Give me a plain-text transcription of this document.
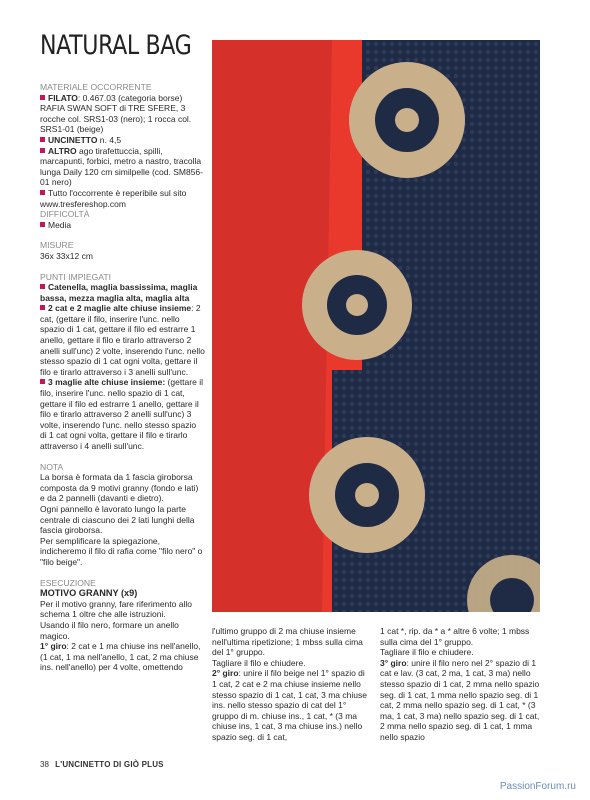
NATURAL BAG
MATERIALE OCCORRENTE

FILATO: 0.467.03 (categoria borse) RAFIA SWAN SOFT di TRE SFERE, 3 rocche col. SRS1-03 (nero); 1 rocca col. SRS1-01 (beige)

UNCINETTO n. 4,5

ALTRO ago tirafettuccia, spilli, marcapunti, forbici, metro a nastro, tracolla lunga Daily 120 cm similpelle (cod. SM856-01 nero)

Tutto l'occorrente è reperibile sul sito www.tresfereshop.com

DIFFICOLTÀ

Media

MISURE

36x 33x12 cm

PUNTI IMPIEGATI

Catenella, maglia bassissima, maglia bassa, mezza maglia alta, maglia alta

2 cat e 2 maglie alte chiuse insieme: 2 cat, (gettare il filo, inserire l'unc. nello spazio di 1 cat, gettare il filo ed estrarre 1 anello, gettare il filo e tirarlo attraverso 2 anelli sull'unc) 2 volte, inserendo l'unc. nello stesso spazio di 1 cat ogni volta, gettare il filo e tirarlo attraverso i 3 anelli sull'unc.

3 maglie alte chiuse insieme: (gettare il filo, inserire l'unc. nello spazio di 1 cat, gettare il filo ed estrarre 1 anello, gettare il filo e tirarlo attraverso 2 anelli sull'unc) 3 volte, inserendo l'unc. nello stesso spazio di 1 cat ogni volta, gettare il filo e tirarlo attraverso i 4 anelli sull'unc.

NOTA

La borsa è formata da 1 fascia giroborsa composta da 9 motivi granny (fondo e lati) e da 2 pannelli (davanti e dietro).

Ogni pannello è lavorato lungo la parte centrale di ciascuno dei 2 lati lunghi della fascia giroborsa.

Per semplificare la spiegazione, indicheremo il filo di rafia come "filo nero" o "filo beige".

ESECUZIONE

MOTIVO GRANNY (x9)

Per il motivo granny, fare riferimento allo schema 1 oltre che alle istruzioni.

Usando il filo nero, formare un anello magico.

1° giro: 2 cat e 1 ma chiuse ins nell'anello, (1 cat, 1 ma nell'anello, 1 cat, 2 ma chiuse ins. nell'anello) per 4 volte, omettendo

l'ultimo gruppo di 2 ma chiuse insieme nell'ultima ripetizione; 1 mbss sulla cima del 1° gruppo.

Tagliare il filo e chiudere.

2° giro: unire il filo beige nel 1° spazio di 1 cat, 2 cat e 2 ma chiuse insieme nello stesso spazio di 1 cat, 1 cat, 3 ma chiuse ins. nello stesso spazio di cat del 1° gruppo di m. chiuse ins., 1 cat, * (3 ma chiuse ins, 1 cat, 3 ma chiuse ins.) nello spazio seg. di 1 cat,

1 cat *, rip. da * a * altre 6 volte; 1 mbss sulla cima del 1° gruppo.

Tagliare il filo e chiudere.

3° giro: unire il filo nero nel 2° spazio di 1 cat e lav. (3 cat, 2 ma, 1 cat, 3 ma) nello stesso spazio di 1 cat, 2 mma nello spazio seg. di 1 cat, 1 mma nello spazio seg. di 1 cat, 2 mma nello spazio seg. di 1 cat, * (3 ma, 1 cat, 3 ma) nello spazio seg. di 1 cat, 2 mma nello spazio seg. di 1 cat, 1 mma nello spazio

38 L'UNCINETTO DI GIÒ PLUS
PassionForum.ru
